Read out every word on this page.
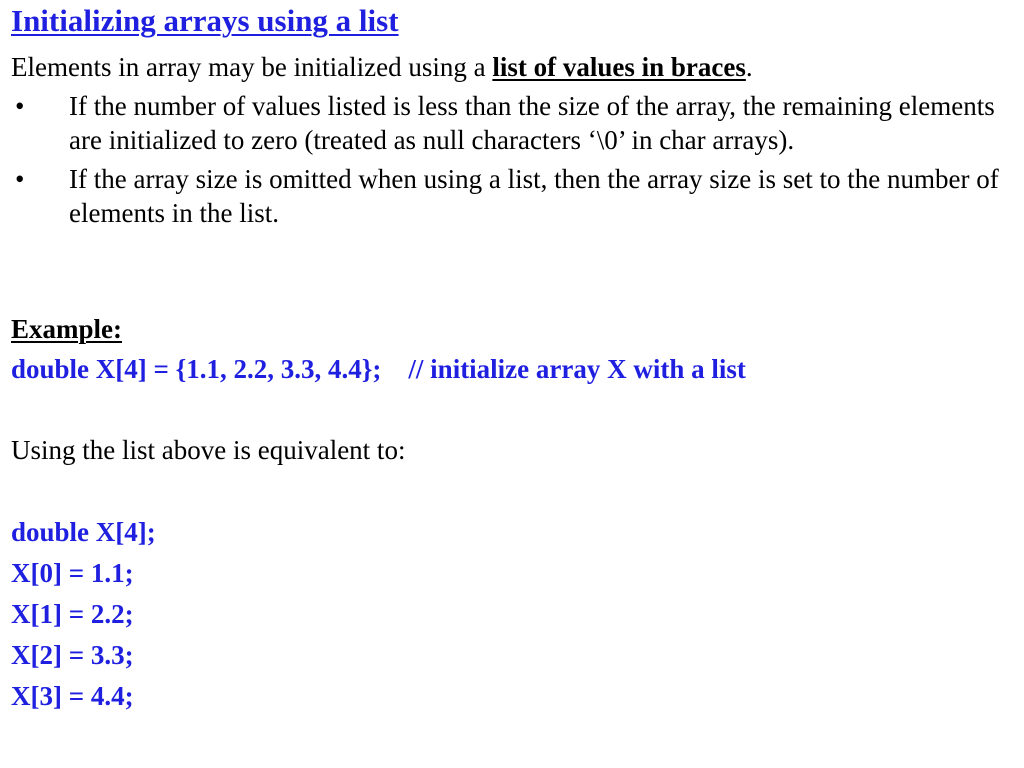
Initializing arrays using a list

Elements in array may be initialized using a list of values in braces.

• If the number of values listed is less than the size of the array, the remaining elements are initialized to zero (treated as null characters ‘\0’ in char arrays).
• If the array size is omitted when using a list, then the array size is set to the number of elements in the list.

Example:

double X[4] = {1.1, 2.2, 3.3, 4.4};    // initialize array X with a list

Using the list above is equivalent to:

double X[4];

X[0] = 1.1;

X[1] = 2.2;

X[2] = 3.3;

X[3] = 4.4;
